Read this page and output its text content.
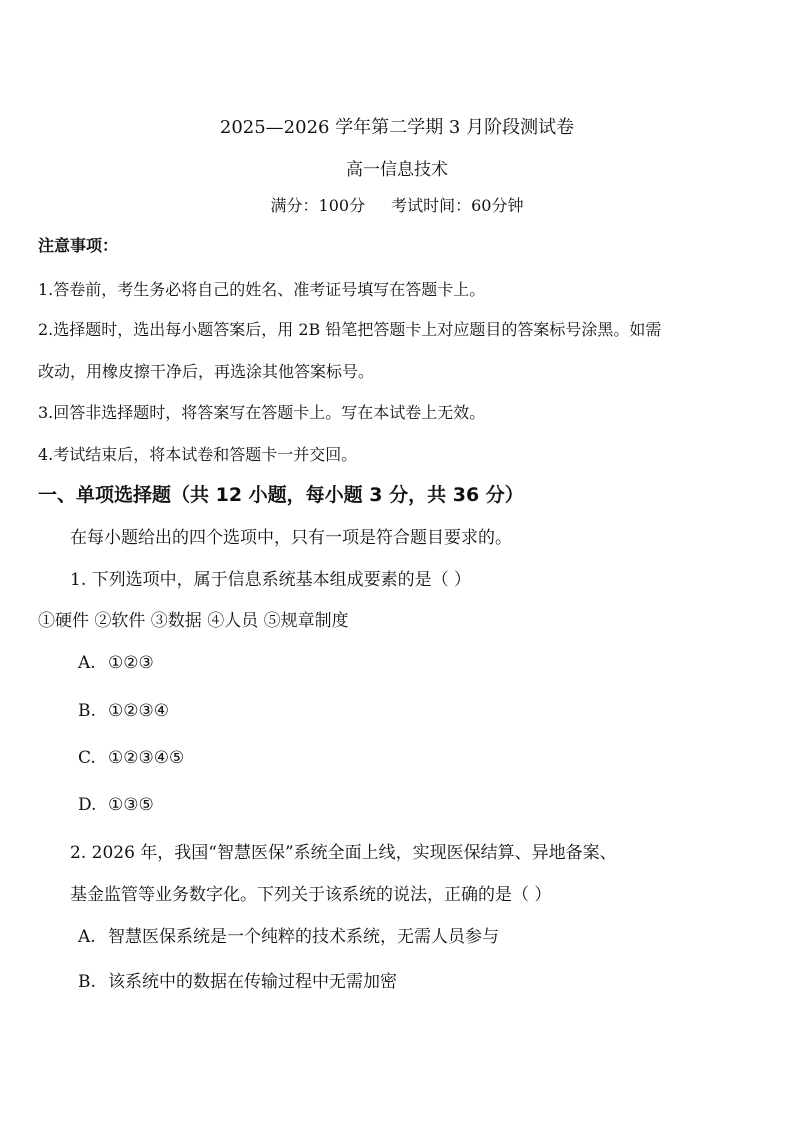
2025—2026 学年第二学期 3 月阶段测试卷
高一信息技术
满分：100分 考试时间：60分钟
注意事项：
1.答卷前，考生务必将自己的姓名、准考证号填写在答题卡上。
2.选择题时，选出每小题答案后，用 2B 铅笔把答题卡上对应题目的答案标号涂黑。如需
改动，用橡皮擦干净后，再选涂其他答案标号。
3.回答非选择题时，将答案写在答题卡上。写在本试卷上无效。
4.考试结束后，将本试卷和答题卡一并交回。
一、单项选择题（共 12 小题，每小题 3 分，共 36 分）
在每小题给出的四个选项中，只有一项是符合题目要求的。
1. 下列选项中，属于信息系统基本组成要素的是（ ）
①硬件 ②软件 ③数据 ④人员 ⑤规章制度
A. ①②③
B. ①②③④
C. ①②③④⑤
D. ①③⑤
2. 2026 年，我国“智慧医保”系统全面上线，实现医保结算、异地备案、
基金监管等业务数字化。下列关于该系统的说法，正确的是（ ）
A. 智慧医保系统是一个纯粹的技术系统，无需人员参与
B. 该系统中的数据在传输过程中无需加密
